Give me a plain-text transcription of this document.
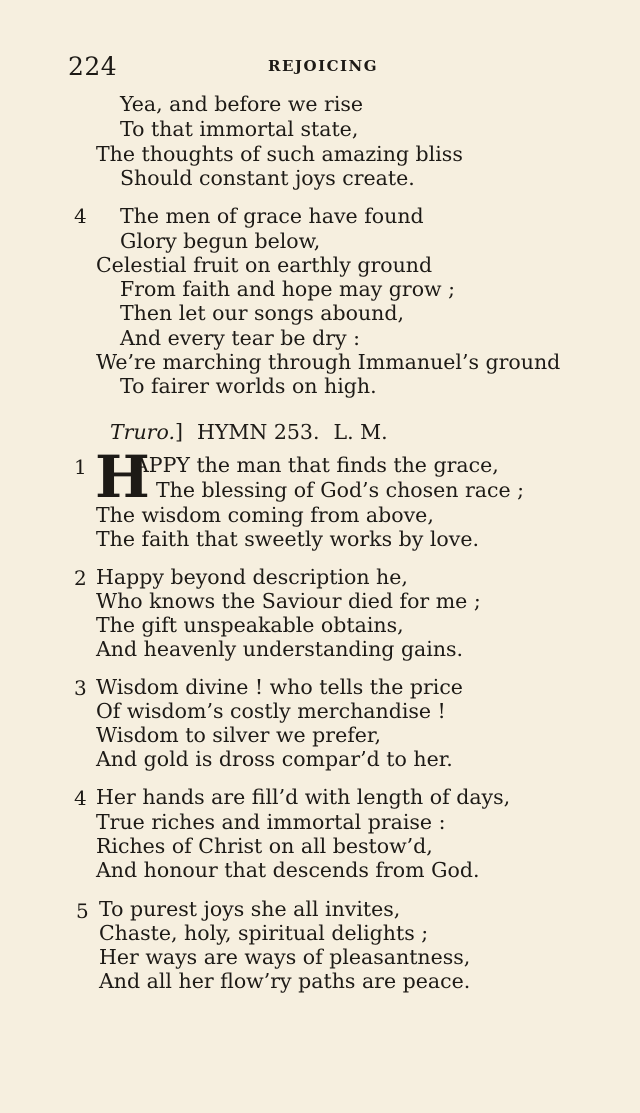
224	REJOICING
Yea, and before we rise
To that immortal state,
The thoughts of such amazing bliss
Should constant joys create.
4 The men of grace have found
Glory begun below,
Celestial fruit on earthly ground
From faith and hope may grow ;
Then let our songs abound,
And every tear be dry :
We’re marching through Immanuel’s ground
To fairer worlds on high.
Truro.] HYMN 253. L. M.
1 H
APPY the man that finds the grace,
The blessing of God’s chosen race ;
The wisdom coming from above,
The faith that sweetly works by love.
2 Happy beyond description he,
Who knows the Saviour died for me ;
The gift unspeakable obtains,
And heavenly understanding gains.
3 Wisdom divine ! who tells the price
Of wisdom’s costly merchandise !
Wisdom to silver we prefer,
And gold is dross compar’d to her.
4 Her hands are fill’d with length of days,
True riches and immortal praise :
Riches of Christ on all bestow’d,
And honour that descends from God.
5 To purest joys she all invites,
Chaste, holy, spiritual delights ;
Her ways are ways of pleasantness,
And all her flow’ry paths are peace.
